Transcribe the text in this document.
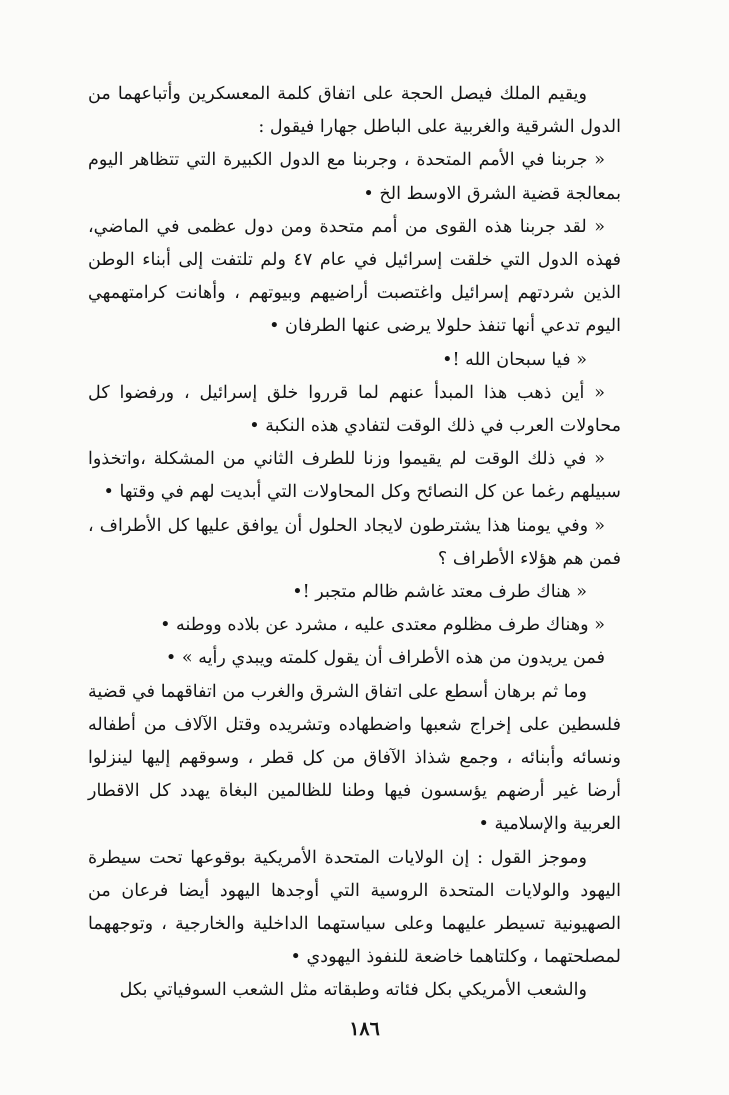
ويقيم الملك فيصل الحجة على اتفاق كلمة المعسكرين وأتباعهما من الدول الشرقية والغربية على الباطل جهارا فيقول :

« جربنا في الأمم المتحدة ، وجربنا مع الدول الكبيرة التي تتظاهر اليوم بمعالجة قضية الشرق الاوسط الخ •

« لقد جربنا هذه القوى من أمم متحدة ومن دول عظمى في الماضي، فهذه الدول التي خلقت إسرائيل في عام ٤٧ ولم تلتفت إلى أبناء الوطن الذين شردتهم إسرائيل واغتصبت أراضيهم وبيوتهم ، وأهانت كرامتهمهي اليوم تدعي أنها تنفذ حلولا يرضى عنها الطرفان •

« فيا سبحان الله !•

« أين ذهب هذا المبدأ عنهم لما قرروا خلق إسرائيل ، ورفضوا كل محاولات العرب في ذلك الوقت لتفادي هذه النكبة •

« في ذلك الوقت لم يقيموا وزنا للطرف الثاني من المشكلة ،واتخذوا سبيلهم رغما عن كل النصائح وكل المحاولات التي أبديت لهم في وقتها •

« وفي يومنا هذا يشترطون لايجاد الحلول أن يوافق عليها كل الأطراف ، فمن هم هؤلاء الأطراف ؟

« هناك طرف معتد غاشم ظالم متجبر !•

« وهناك طرف مظلوم معتدى عليه ، مشرد عن بلاده ووطنه •

فمن يريدون من هذه الأطراف أن يقول كلمته ويبدي رأيه » •

وما ثم برهان أسطع على اتفاق الشرق والغرب من اتفاقهما في قضية فلسطين على إخراج شعبها واضطهاده وتشريده وقتل الآلاف من أطفاله ونسائه وأبنائه ، وجمع شذاذ الآفاق من كل قطر ، وسوقهم إليها لينزلوا أرضا غير أرضهم يؤسسون فيها وطنا للظالمين البغاة يهدد كل الاقطار العربية والإسلامية •

وموجز القول : إن الولايات المتحدة الأمريكية بوقوعها تحت سيطرة اليهود والولايات المتحدة الروسية التي أوجدها اليهود أيضا فرعان من الصهيونية تسيطر عليهما وعلى سياستهما الداخلية والخارجية ، وتوجههما لمصلحتهما ، وكلتاهما خاضعة للنفوذ اليهودي •

والشعب الأمريكي بكل فئاته وطبقاته مثل الشعب السوفياتي بكل

١٨٦
